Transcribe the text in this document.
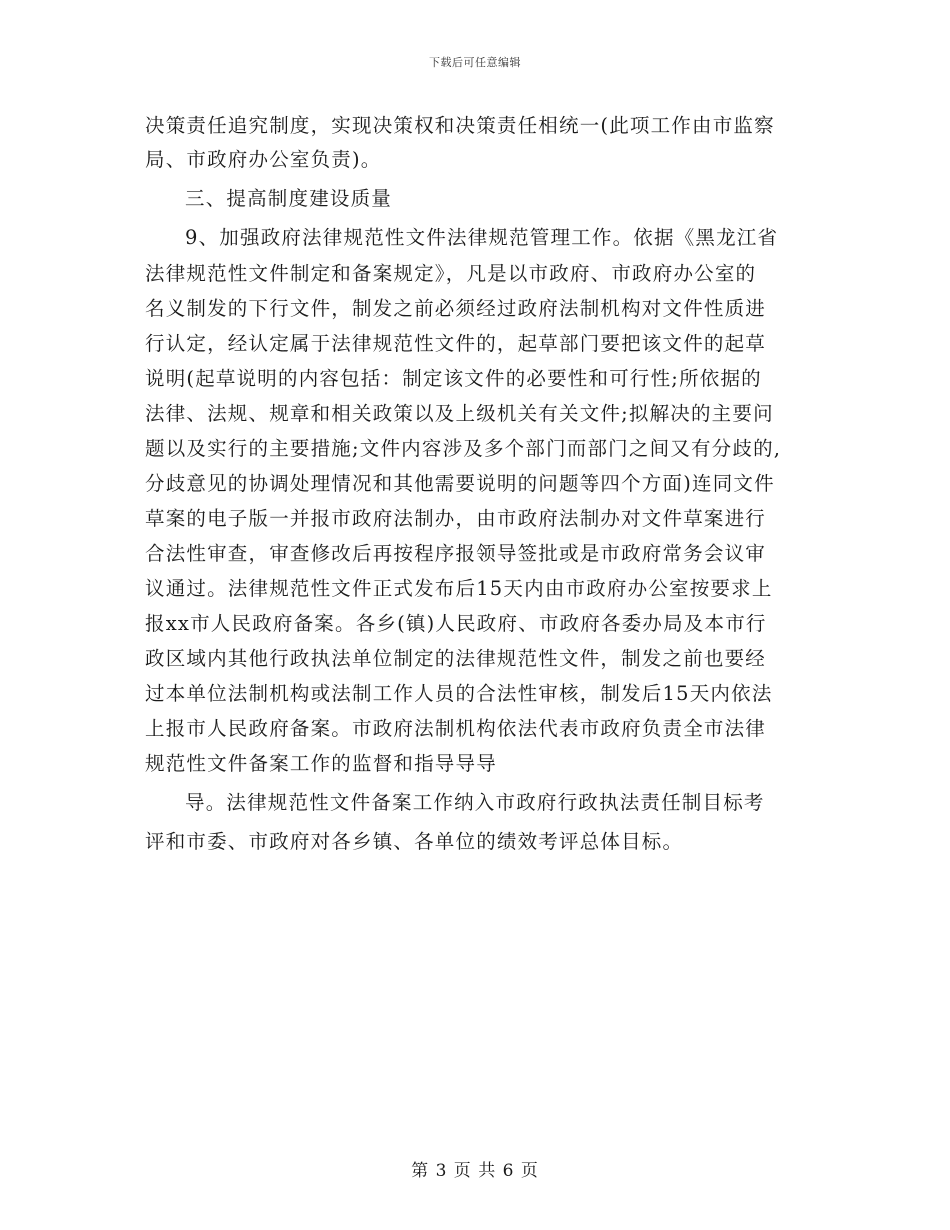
下载后可任意编辑
决策责任追究制度，实现决策权和决策责任相统一(此项工作由市监察
局、市政府办公室负责)。
三、提高制度建设质量
9、加强政府法律规范性文件法律规范管理工作。依据《黑龙江省
法律规范性文件制定和备案规定》，凡是以市政府、市政府办公室的
名义制发的下行文件，制发之前必须经过政府法制机构对文件性质进
行认定，经认定属于法律规范性文件的，起草部门要把该文件的起草
说明(起草说明的内容包括：制定该文件的必要性和可行性;所依据的
法律、法规、规章和相关政策以及上级机关有关文件;拟解决的主要问
题以及实行的主要措施;文件内容涉及多个部门而部门之间又有分歧的,
分歧意见的协调处理情况和其他需要说明的问题等四个方面)连同文件
草案的电子版一并报市政府法制办，由市政府法制办对文件草案进行
合法性审查，审查修改后再按程序报领导签批或是市政府常务会议审
议通过。法律规范性文件正式发布后15天内由市政府办公室按要求上
报xx市人民政府备案。各乡(镇)人民政府、市政府各委办局及本市行
政区域内其他行政执法单位制定的法律规范性文件，制发之前也要经
过本单位法制机构或法制工作人员的合法性审核，制发后15天内依法
上报市人民政府备案。市政府法制机构依法代表市政府负责全市法律
规范性文件备案工作的监督和指导导导
导。法律规范性文件备案工作纳入市政府行政执法责任制目标考
评和市委、市政府对各乡镇、各单位的绩效考评总体目标。
第 3 页 共 6 页
